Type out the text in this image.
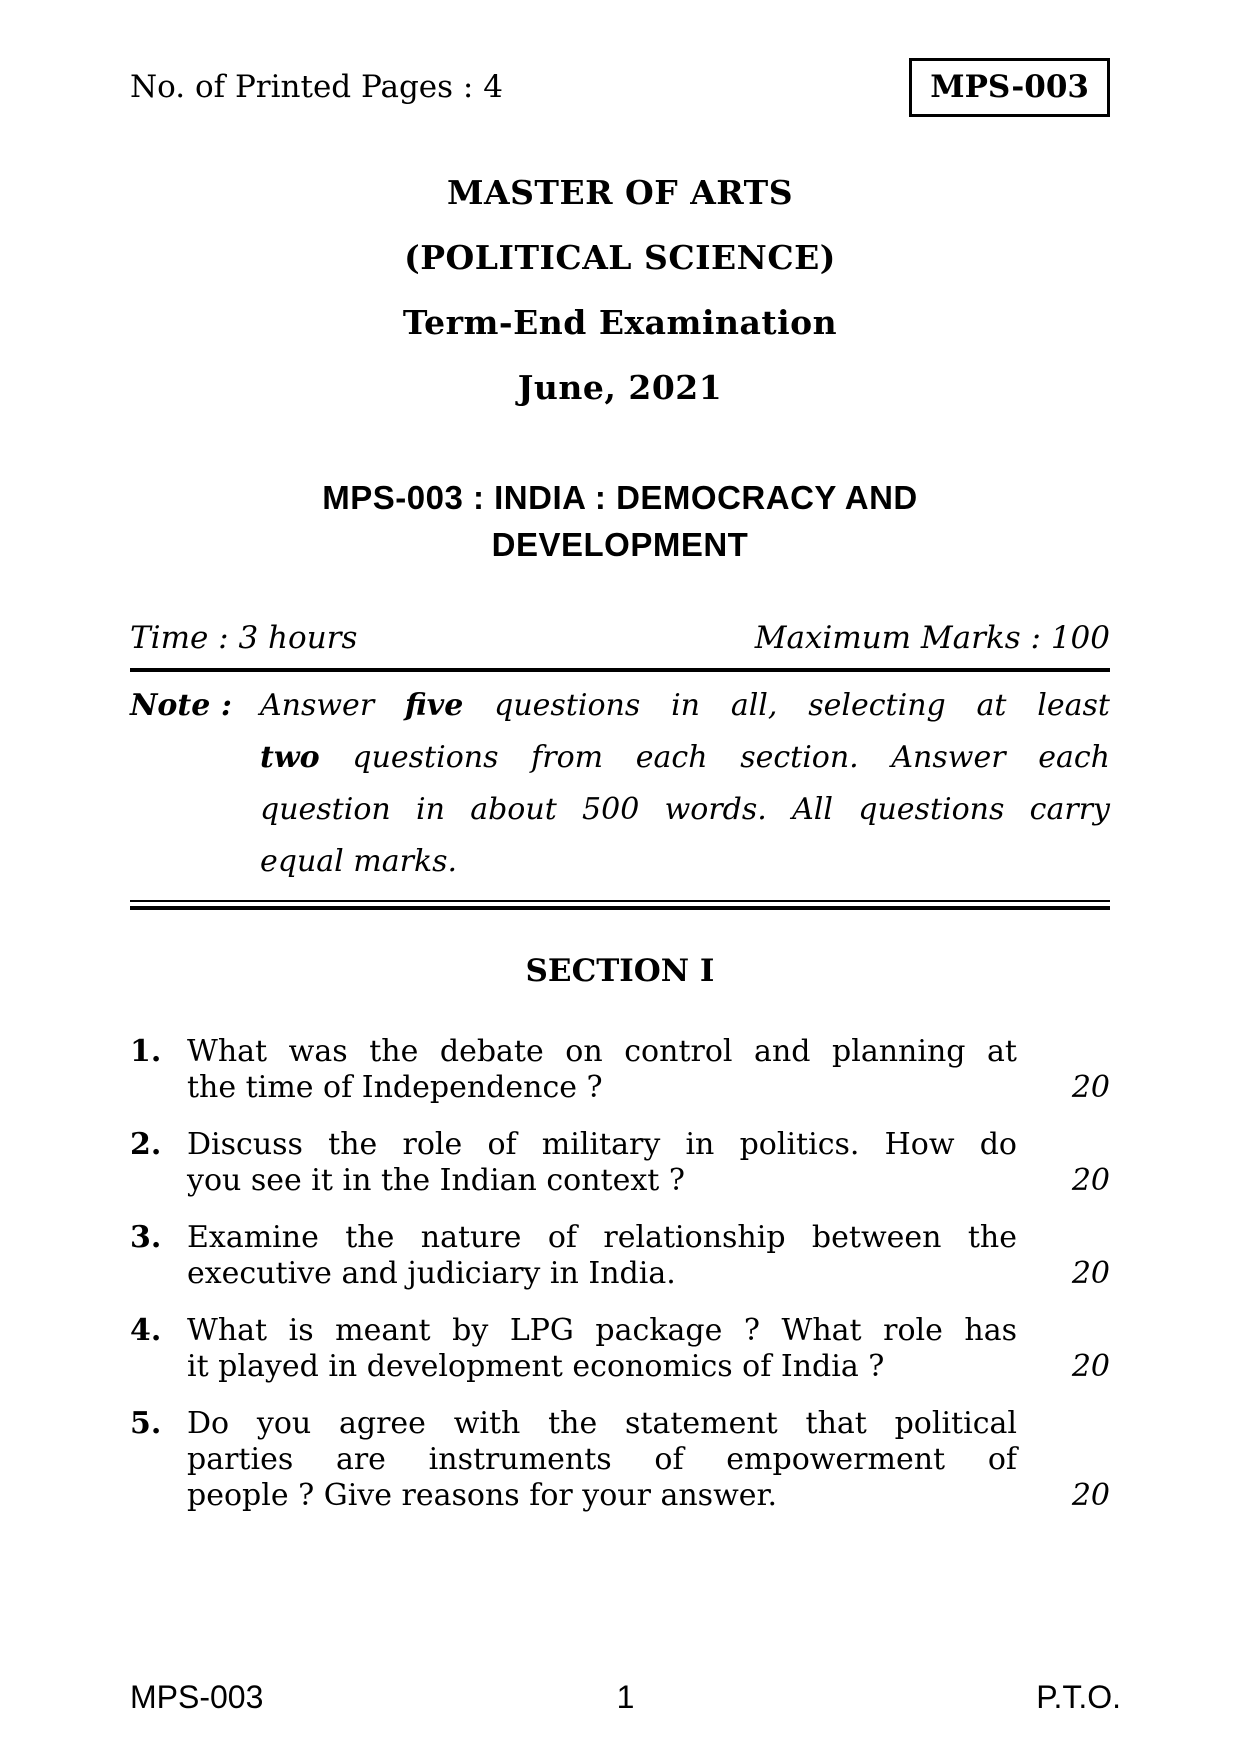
No. of Printed Pages : 4	MPS-003
MASTER OF ARTS
(POLITICAL SCIENCE)
Term-End Examination
June, 2021
MPS-003 : INDIA : DEMOCRACY AND
DEVELOPMENT
Time : 3 hours	Maximum Marks : 100
Note : Answer five questions in all, selecting at least
two questions from each section. Answer each
question in about 500 words. All questions carry
equal marks.
SECTION I
1. What was the debate on control and planning at
the time of Independence ?	20
2. Discuss the role of military in politics. How do
you see it in the Indian context ?	20
3. Examine the nature of relationship between the
executive and judiciary in India.	20
4. What is meant by LPG package ? What role has
it played in development economics of India ?	20
5. Do you agree with the statement that political
parties are instruments of empowerment of
people ? Give reasons for your answer.	20
MPS-003	1	P.T.O.
